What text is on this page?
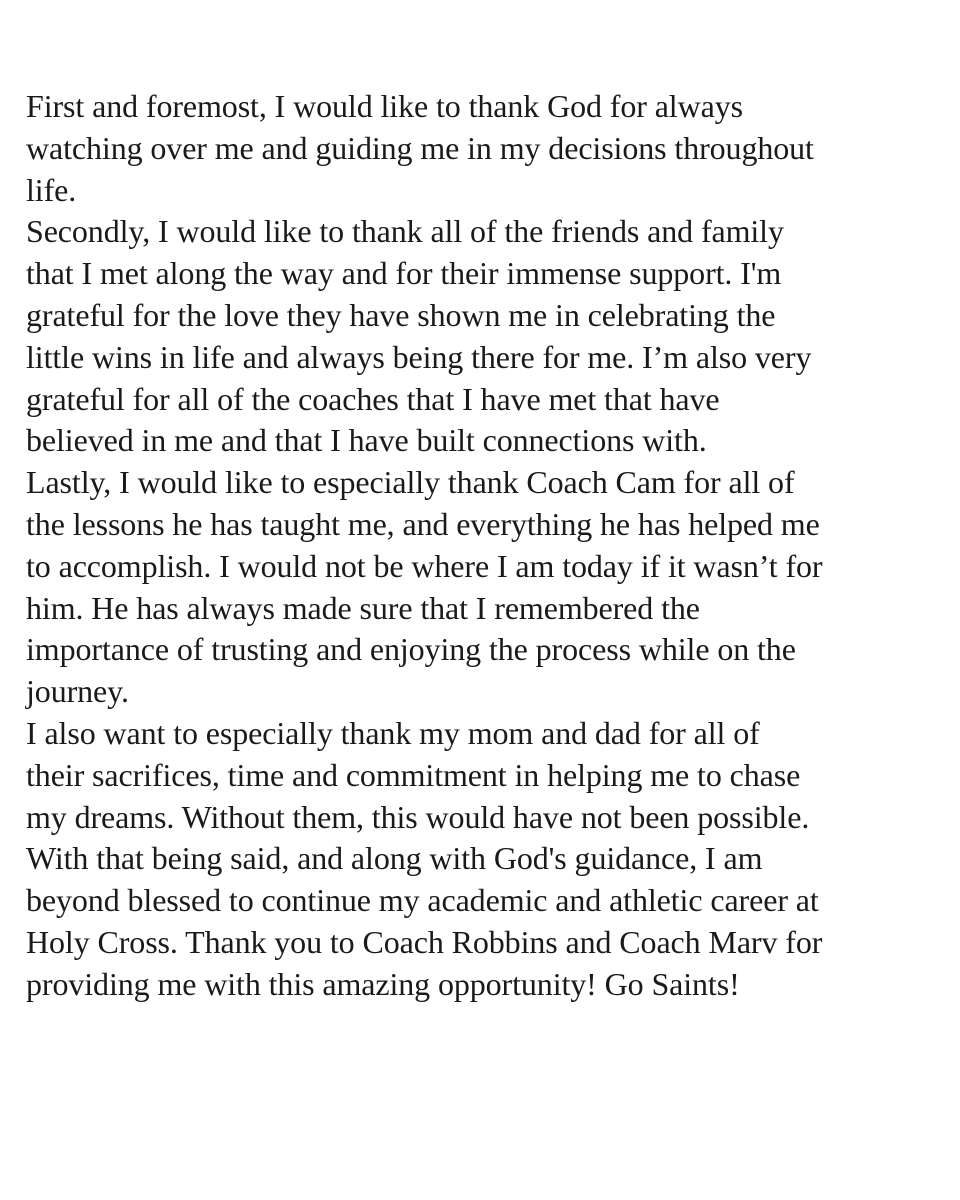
First and foremost, I would like to thank God for always
watching over me and guiding me in my decisions throughout
life.
Secondly, I would like to thank all of the friends and family
that I met along the way and for their immense support. I'm
grateful for the love they have shown me in celebrating the
little wins in life and always being there for me. I’m also very
grateful for all of the coaches that I have met that have
believed in me and that I have built connections with.
Lastly, I would like to especially thank Coach Cam for all of
the lessons he has taught me, and everything he has helped me
to accomplish. I would not be where I am today if it wasn’t for
him. He has always made sure that I remembered the
importance of trusting and enjoying the process while on the
journey.
I also want to especially thank my mom and dad for all of
their sacrifices, time and commitment in helping me to chase
my dreams. Without them, this would have not been possible.
With that being said, and along with God's guidance, I am
beyond blessed to continue my academic and athletic career at
Holy Cross. Thank you to Coach Robbins and Coach Marv for
providing me with this amazing opportunity! Go Saints!
